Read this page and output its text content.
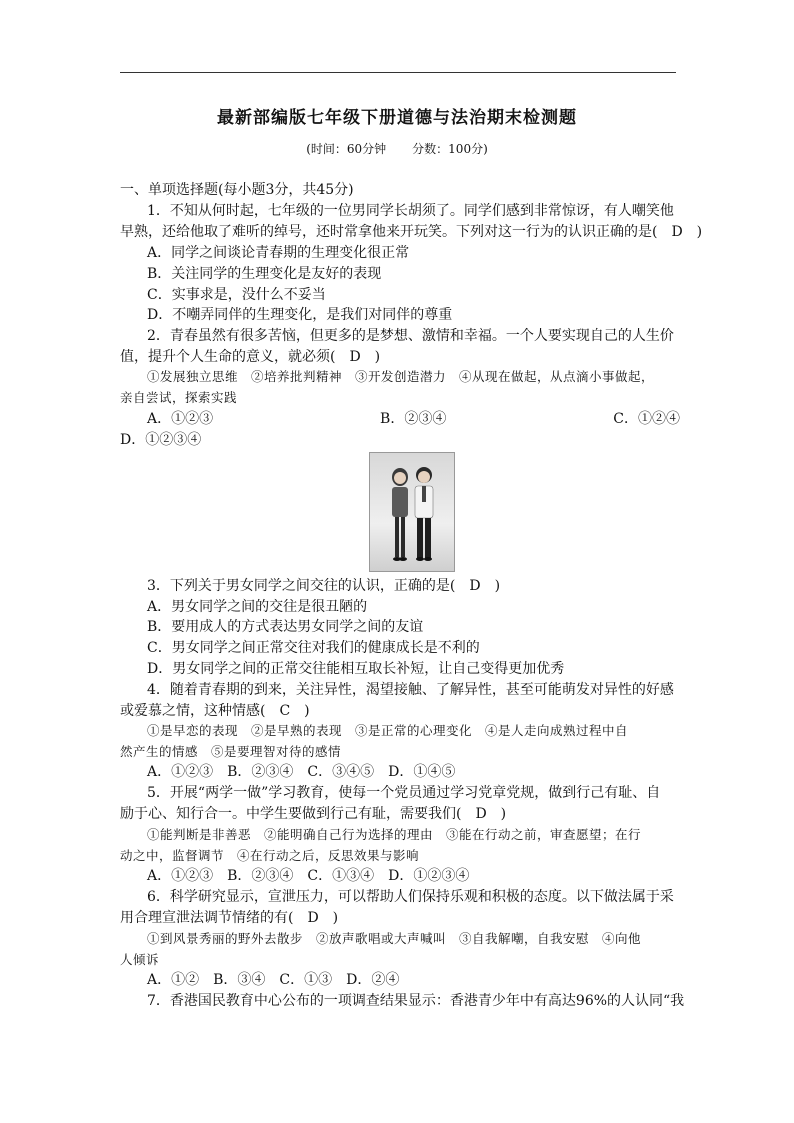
最新部编版七年级下册道德与法治期末检测题
(时间：60分钟 分数：100分)
一、单项选择题(每小题3分，共45分)
1．不知从何时起，七年级的一位男同学长胡须了。同学们感到非常惊讶，有人嘲笑他
早熟，还给他取了难听的绰号，还时常拿他来开玩笑。下列对这一行为的认识正确的是(　D　)
A．同学之间谈论青春期的生理变化很正常
B．关注同学的生理变化是友好的表现
C．实事求是，没什么不妥当
D．不嘲弄同伴的生理变化，是我们对同伴的尊重
2．青春虽然有很多苦恼，但更多的是梦想、激情和幸福。一个人要实现自己的人生价
值，提升个人生命的意义，就必须(　D　)
①发展独立思维　②培养批判精神　③开发创造潜力　④从现在做起，从点滴小事做起，
亲自尝试，探索实践
A．①②③	B．②③④	C．①②④
D．①②③④
3．下列关于男女同学之间交往的认识，正确的是(　D　)
A．男女同学之间的交往是很丑陋的
B．要用成人的方式表达男女同学之间的友谊
C．男女同学之间正常交往对我们的健康成长是不利的
D．男女同学之间的正常交往能相互取长补短，让自己变得更加优秀
4．随着青春期的到来，关注异性，渴望接触、了解异性，甚至可能萌发对异性的好感
或爱慕之情，这种情感(　C　)
①是早恋的表现　②是早熟的表现　③是正常的心理变化　④是人走向成熟过程中自
然产生的情感　⑤是要理智对待的感情
A．①②③　B．②③④　C．③④⑤　D．①④⑤
5．开展“两学一做”学习教育，使每一个党员通过学习党章党规，做到行己有耻、自
励于心、知行合一。中学生要做到行己有耻，需要我们(　D　)
①能判断是非善恶　②能明确自己行为选择的理由　③能在行动之前，审查愿望；在行
动之中，监督调节　④在行动之后，反思效果与影响
A．①②③　B．②③④　C．①③④　D．①②③④
6．科学研究显示，宣泄压力，可以帮助人们保持乐观和积极的态度。以下做法属于采
用合理宣泄法调节情绪的有(　D　)
①到风景秀丽的野外去散步　②放声歌唱或大声喊叫　③自我解嘲，自我安慰　④向他
人倾诉
A．①②　B．③④　C．①③　D．②④
7．香港国民教育中心公布的一项调查结果显示：香港青少年中有高达96%的人认同“我
